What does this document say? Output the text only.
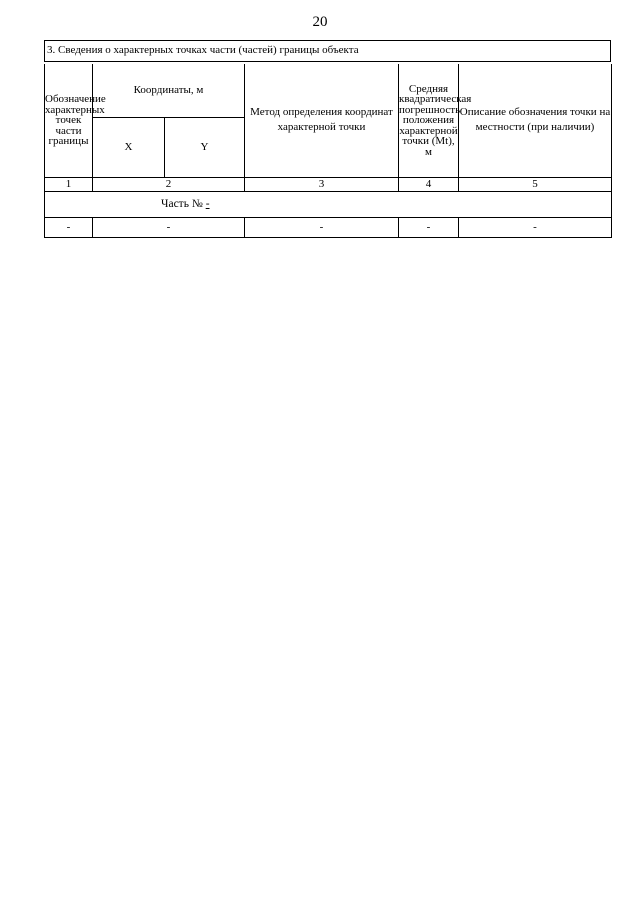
20
3. Сведения о характерных точках части (частей) границы объекта
Обозначение характерных точек части границы	Координаты, м		Метод определения координат характерной точки	Средняя квадратическая погрешность положения характерной точки (Mt), м	Описание обозначения точки на местности (при наличии)
	X	Y			
1	2		3	4	5
Часть № -					
-	-		-	-	-
